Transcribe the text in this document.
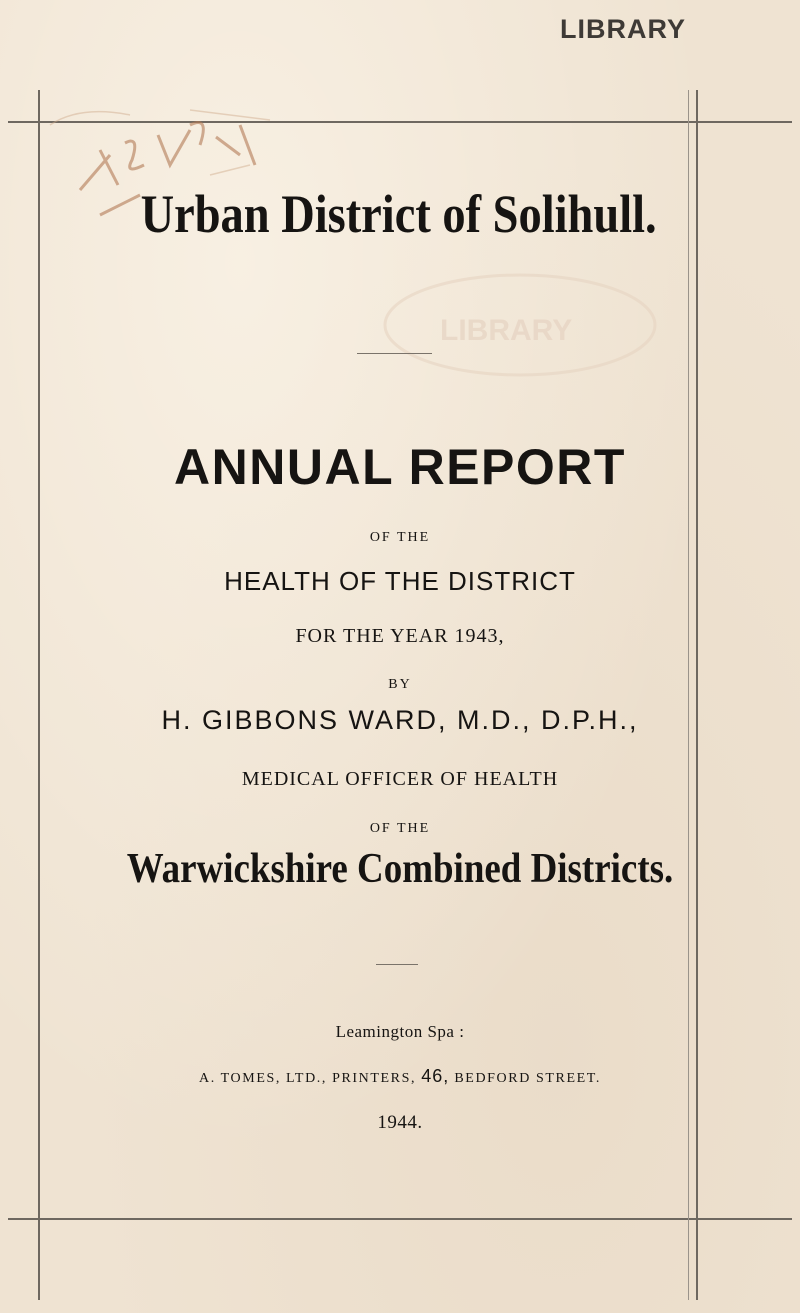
LIBRARY
LIBRARY
Urban District of Solihull.
ANNUAL REPORT
OF THE
HEALTH OF THE DISTRICT
FOR THE YEAR 1943,
BY
H. GIBBONS WARD, M.D., D.P.H.,
MEDICAL OFFICER OF HEALTH
OF THE
Warwickshire Combined Districts.
Leamington Spa :
A. TOMES, LTD., PRINTERS, 46, BEDFORD STREET.
1944.
